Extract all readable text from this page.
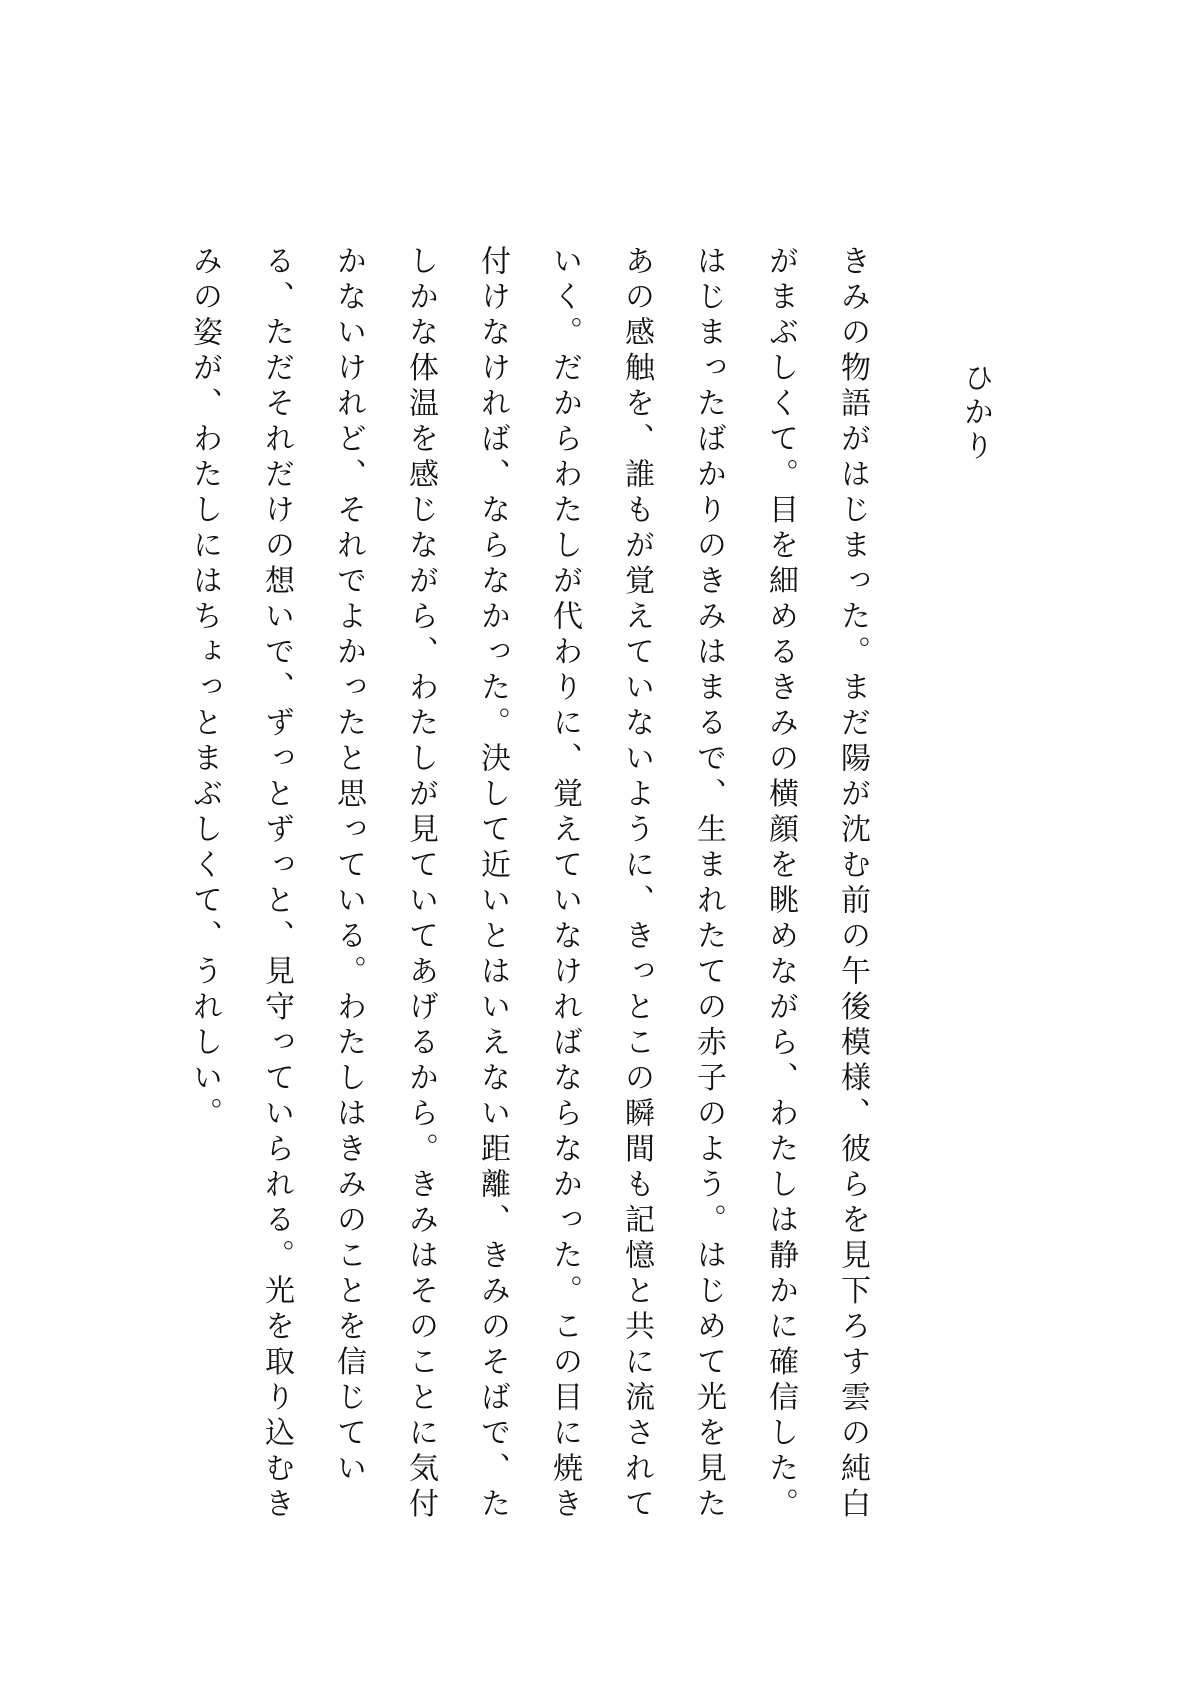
ひかり
きみの物語がはじまった。まだ陽が沈む前の午後模様、彼らを見下ろす雲の純白がまぶしくて。目を細めるきみの横顔を眺めながら、わたしは静かに確信した。はじまったばかりのきみはまるで、生まれたての赤子のよう。はじめて光を見たあの感触を、誰もが覚えていないように、きっとこの瞬間も記憶と共に流されていく。だからわたしが代わりに、覚えていなければならなかった。この目に焼き付けなければ、ならなかった。決して近いとはいえない距離、きみのそばで、たしかな体温を感じながら、わたしが見ていてあげるから。きみはそのことに気付かないけれど、それでよかったと思っている。わたしはきみのことを信じている、ただそれだけの想いで、ずっとずっと、見守っていられる。光を取り込むきみの姿が、わたしにはちょっとまぶしくて、うれしい。
